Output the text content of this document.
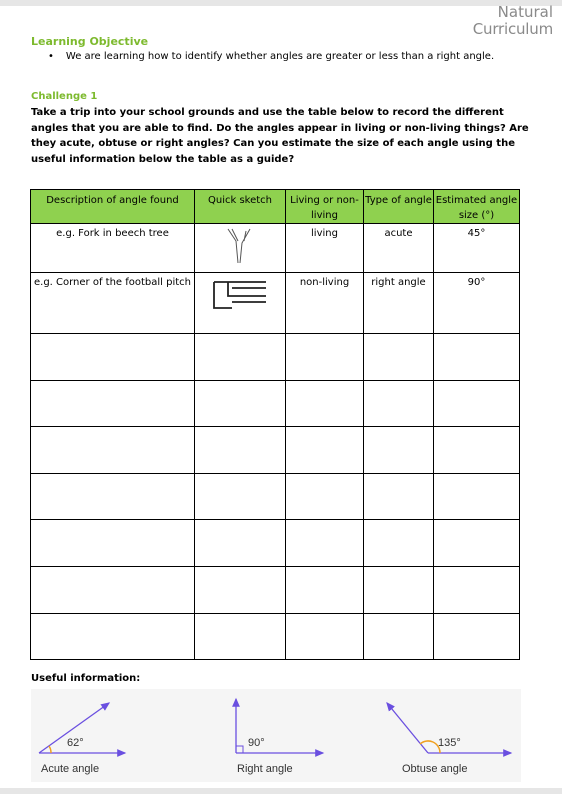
Natural
Curriculum
Learning Objective
• We are learning how to identify whether angles are greater or less than a right angle.
Challenge 1
Take a trip into your school grounds and use the table below to record the different angles that you are able to find. Do the angles appear in living or non-living things? Are they acute, obtuse or right angles? Can you estimate the size of each angle using the useful information below the table as a guide?
Description of angle found	Quick sketch	Living or non-living	Type of angle	Estimated angle size (°)
e.g. Fork in beech tree		living	acute	45°
e.g. Corner of the football pitch		non-living	right angle	90°

Useful information:
62°	90°	135°
Acute angle	Right angle	Obtuse angle
